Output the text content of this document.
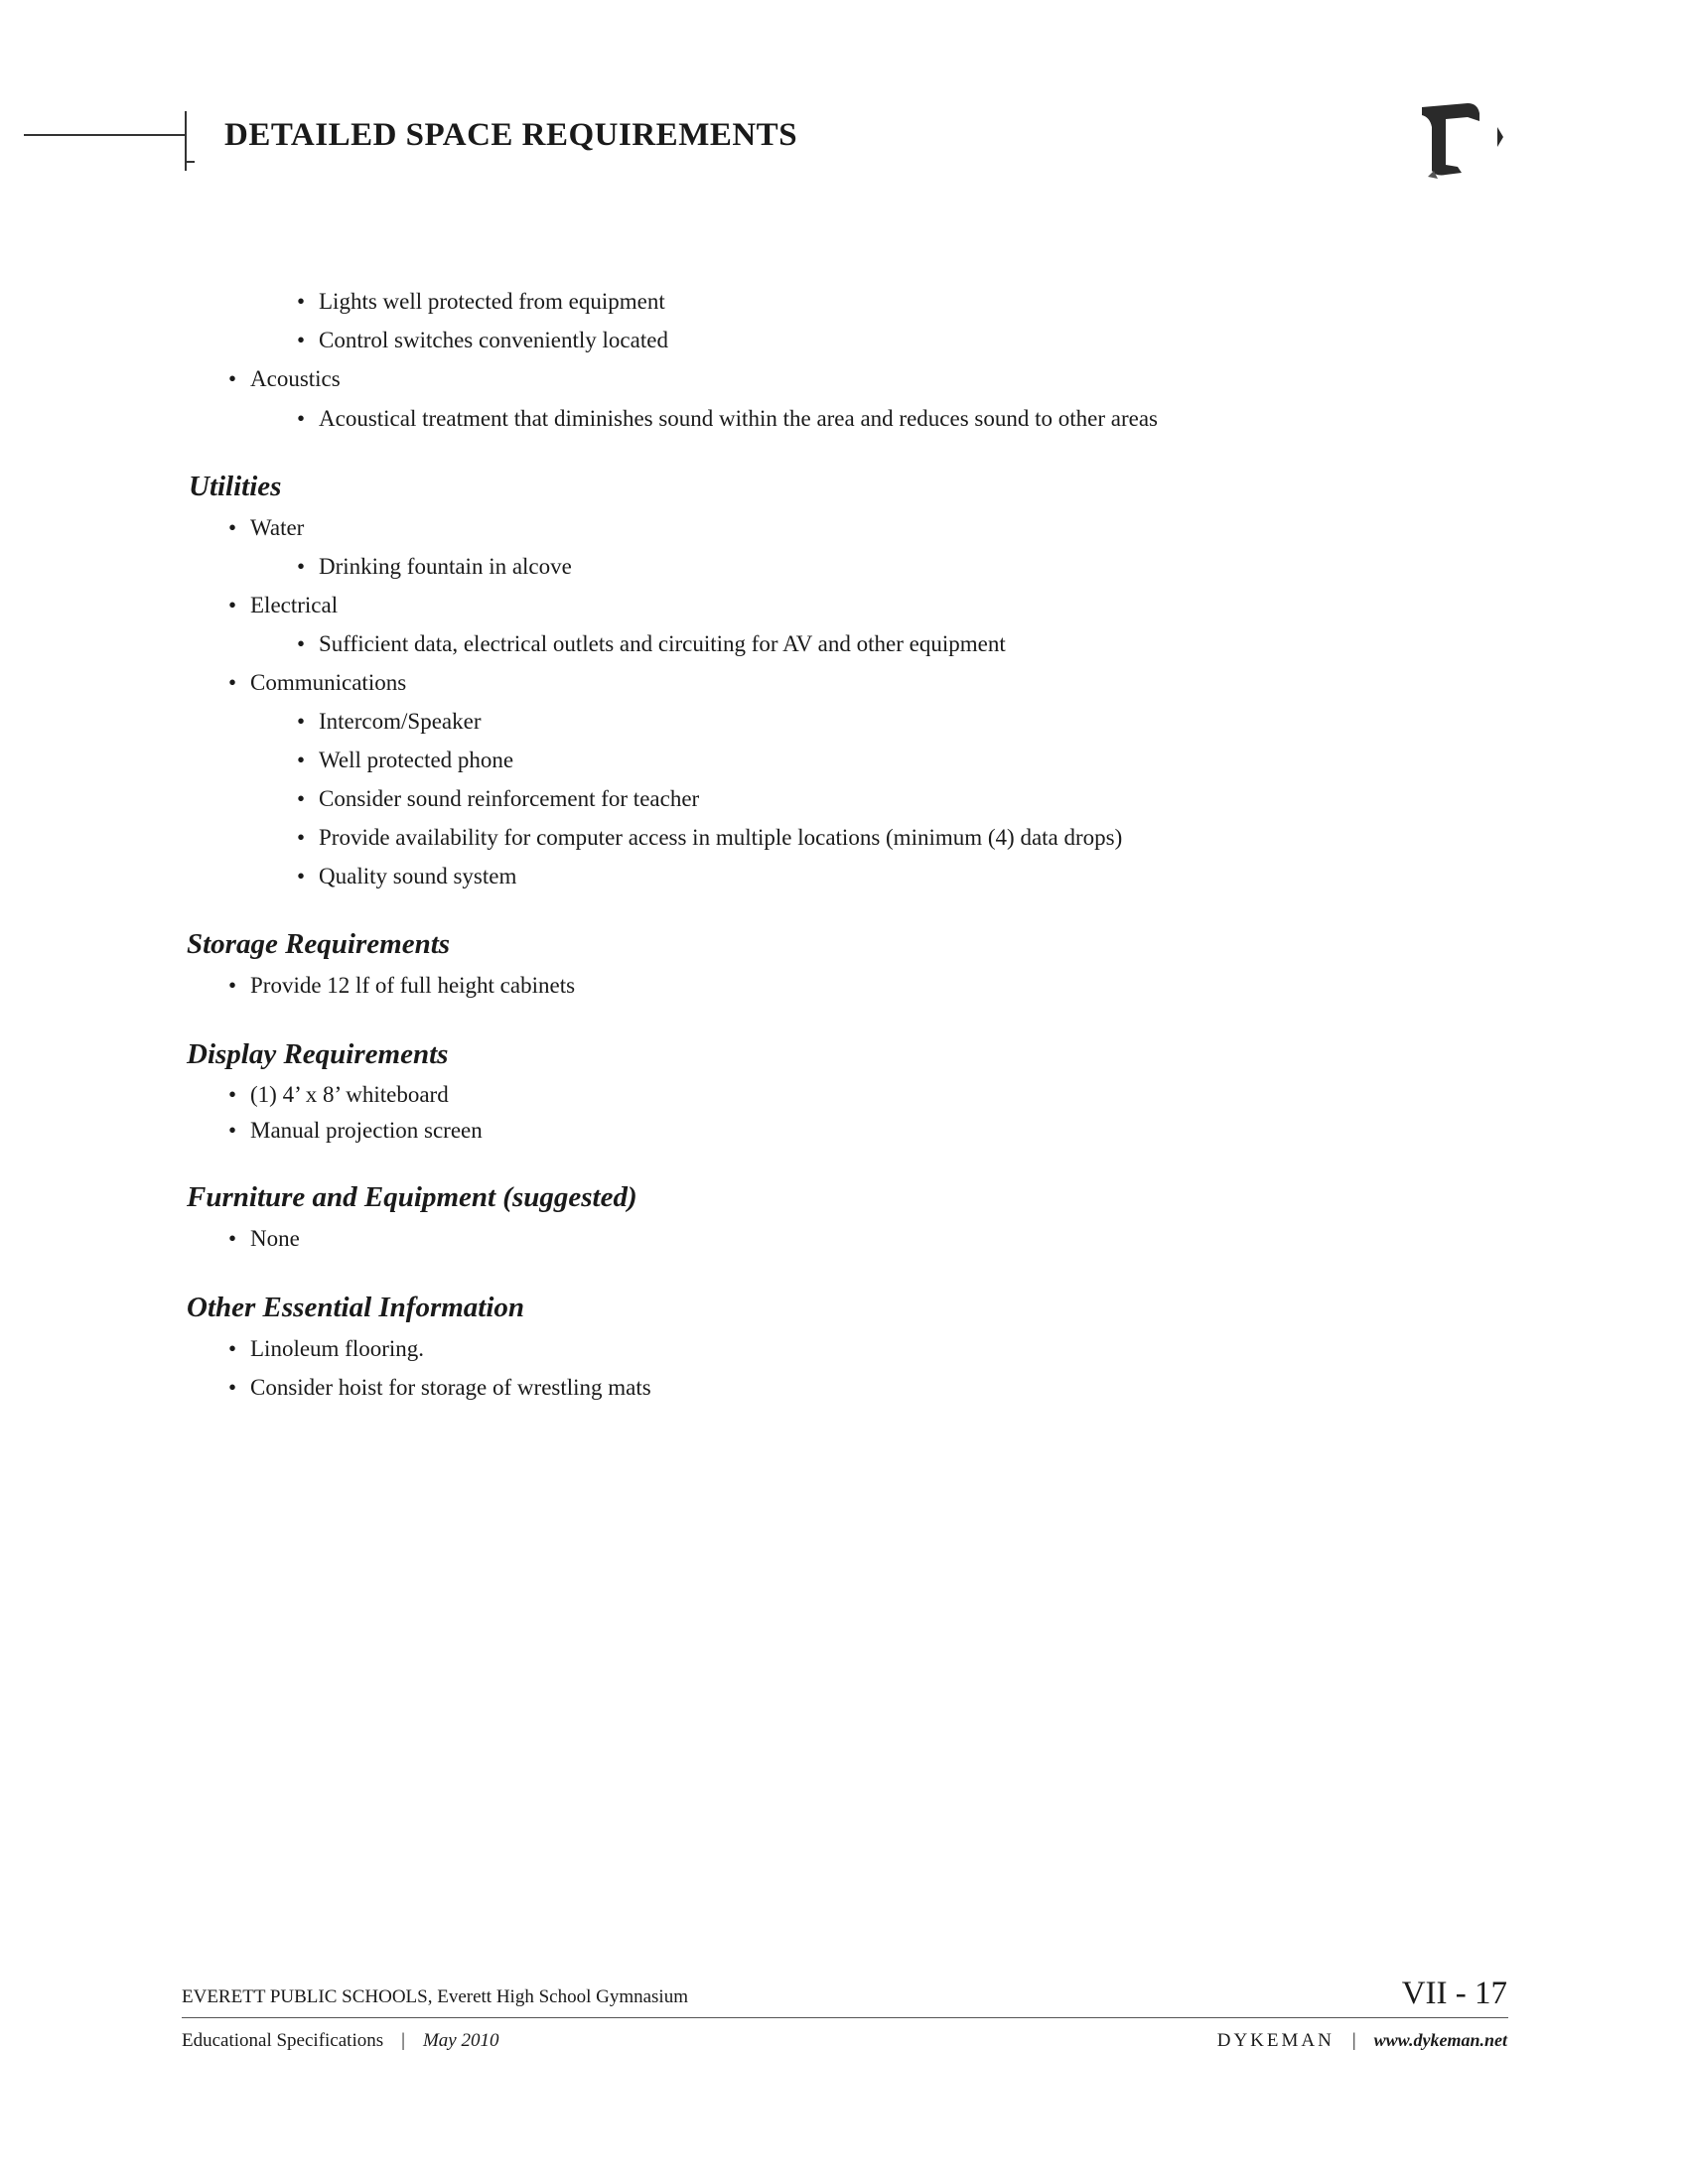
DETAILED SPACE REQUIREMENTS
• Lights well protected from equipment
• Control switches conveniently located
• Acoustics
• Acoustical treatment that diminishes sound within the area and reduces sound to other areas
Utilities
• Water
• Drinking fountain in alcove
• Electrical
• Sufficient data, electrical outlets and circuiting for AV and other equipment
• Communications
• Intercom/Speaker
• Well protected phone
• Consider sound reinforcement for teacher
• Provide availability for computer access in multiple locations (minimum (4) data drops)
• Quality sound system
Storage Requirements
• Provide 12 lf of full height cabinets
Display Requirements
• (1) 4’ x 8’ whiteboard
• Manual projection screen
Furniture and Equipment (suggested)
• None
Other Essential Information
• Linoleum flooring.
• Consider hoist for storage of wrestling mats
EVERETT PUBLIC SCHOOLS, Everett High School Gymnasium	VII - 17
Educational Specifications | May 2010	DYKEMAN | www.dykeman.net
